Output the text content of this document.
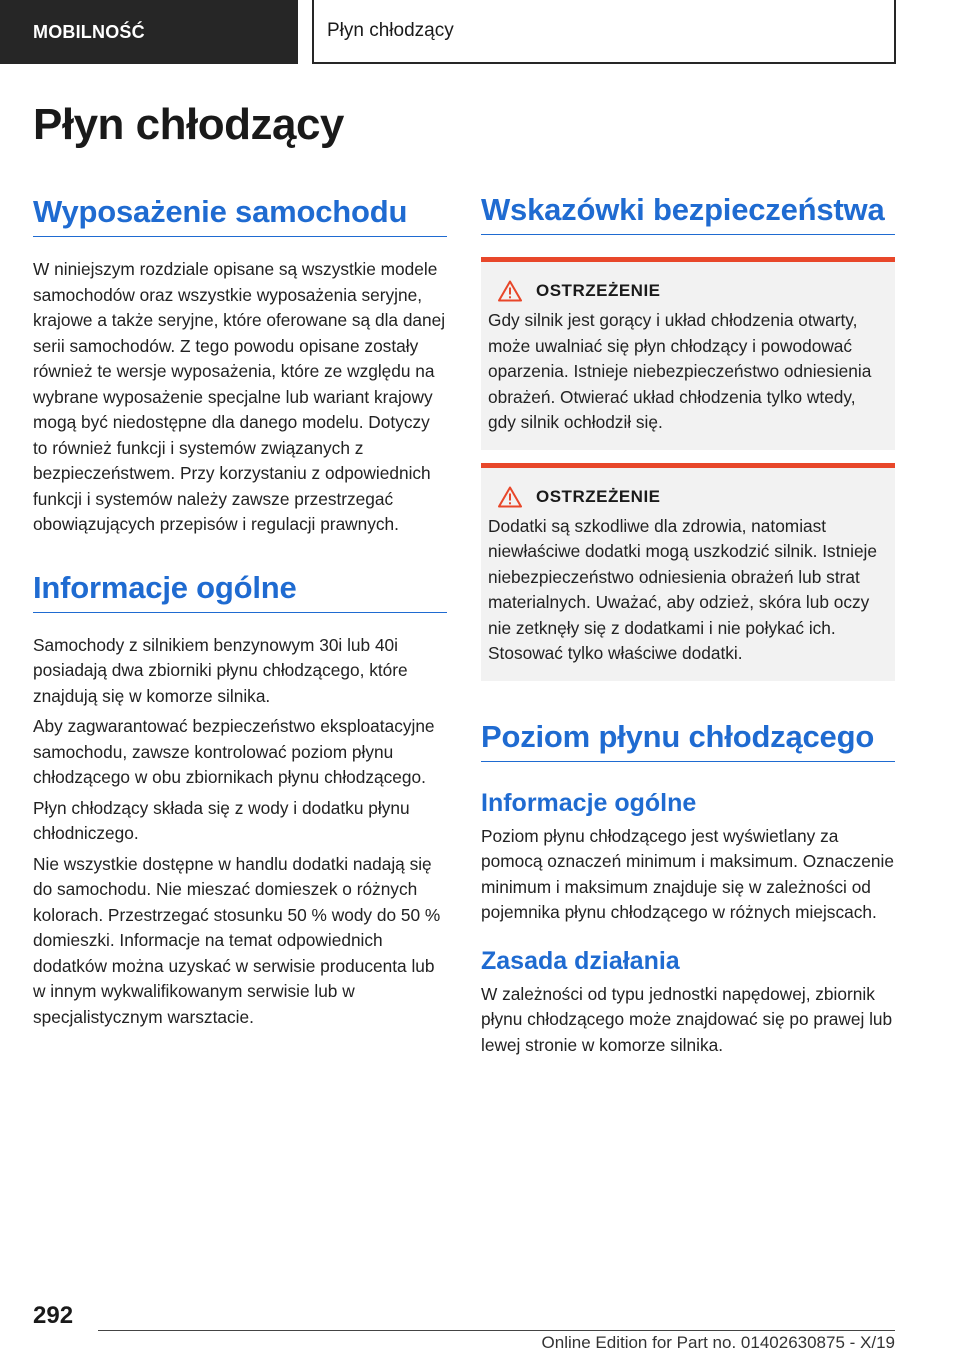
MOBILNOŚĆ	Płyn chłodzący
Płyn chłodzący
Wyposażenie samochodu

W niniejszym rozdziale opisane są wszystkie modele samochodów oraz wszystkie wyposażenia seryjne, krajowe a także seryjne, które oferowane są dla danej serii samochodów. Z tego powodu opisane zostały również te wersje wyposażenia, które ze względu na wybrane wyposażenie specjalne lub wariant krajowy mogą być niedostępne dla danego modelu. Dotyczy to również funkcji i systemów związanych z bezpieczeństwem. Przy korzystaniu z odpowiednich funkcji i systemów należy zawsze przestrzegać obowiązujących przepisów i regulacji prawnych.

Informacje ogólne

Samochody z silnikiem benzynowym 30i lub 40i posiadają dwa zbiorniki płynu chłodzącego, które znajdują się w komorze silnika.

Aby zagwarantować bezpieczeństwo eksploatacyjne samochodu, zawsze kontrolować poziom płynu chłodzącego w obu zbiornikach płynu chłodzącego.

Płyn chłodzący składa się z wody i dodatku płynu chłodniczego.

Nie wszystkie dostępne w handlu dodatki nadają się do samochodu. Nie mieszać domieszek o różnych kolorach. Przestrzegać stosunku 50 % wody do 50 % domieszki. Informacje na temat odpowiednich dodatków można uzyskać w serwisie producenta lub w innym wykwalifikowanym serwisie lub w specjalistycznym warsztacie.

Wskazówki bezpieczeństwa
OSTRZEŻENIE

Gdy silnik jest gorący i układ chłodzenia otwarty, może uwalniać się płyn chłodzący i powodować oparzenia. Istnieje niebezpieczeństwo odniesienia obrażeń. Otwierać układ chłodzenia tylko wtedy, gdy silnik ochłodził się.

OSTRZEŻENIE

Dodatki są szkodliwe dla zdrowia, natomiast niewłaściwe dodatki mogą uszkodzić silnik. Istnieje niebezpieczeństwo odniesienia obrażeń lub strat materialnych. Uważać, aby odzież, skóra lub oczy nie zetknęły się z dodatkami i nie połykać ich. Stosować tylko właściwe dodatki.

Poziom płynu chłodzącego
Informacje ogólne

Poziom płynu chłodzącego jest wyświetlany za pomocą oznaczeń minimum i maksimum. Oznaczenie minimum i maksimum znajduje się w zależności od pojemnika płynu chłodzącego w różnych miejscach.

Zasada działania

W zależności od typu jednostki napędowej, zbiornik płynu chłodzącego może znajdować się po prawej lub lewej stronie w komorze silnika.

292
Online Edition for Part no. 01402630875 - X/19
